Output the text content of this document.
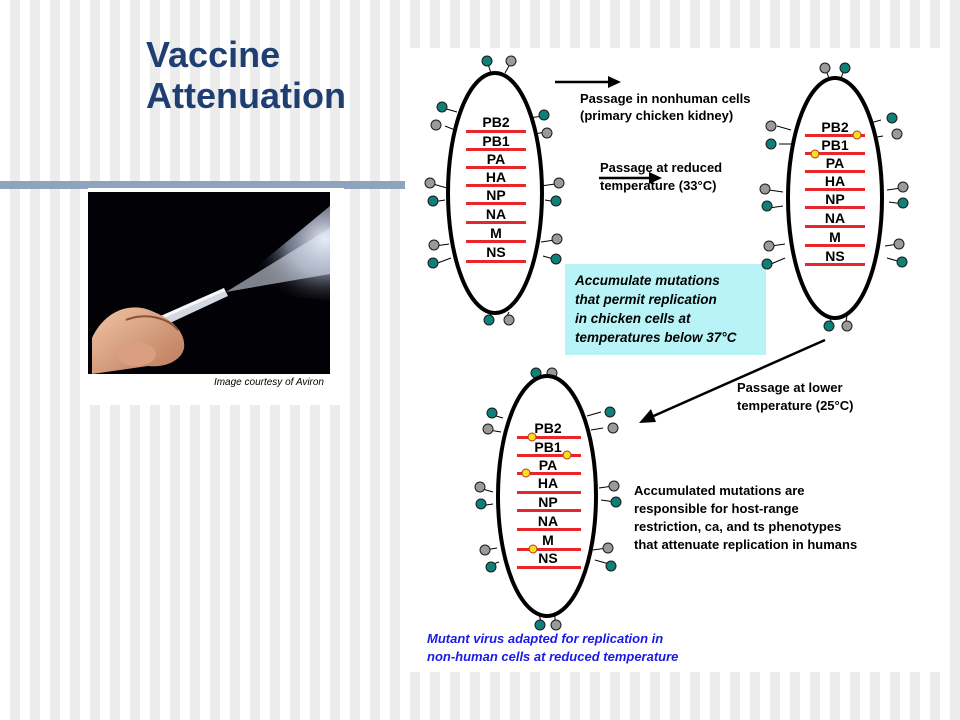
Vaccine
Attenuation
Image courtesy of Aviron
PB2
PB1
PA
HA
NP
NA
M
NS
Passage in nonhuman cells
(primary chicken kidney)
Passage at reduced
temperature (33°C)
Accumulate mutations
that permit replication
in chicken cells at
temperatures below 37°C
PB2
PB1
PA
HA
NP
NA
M
NS
Passage at lower
temperature (25°C)
PB2
PB1
PA
HA
NP
NA
M
NS
Accumulated mutations are
responsible for host-range
restriction, ca, and ts phenotypes
that attenuate replication in humans
Mutant virus adapted for replication in
non-human cells at reduced temperature
